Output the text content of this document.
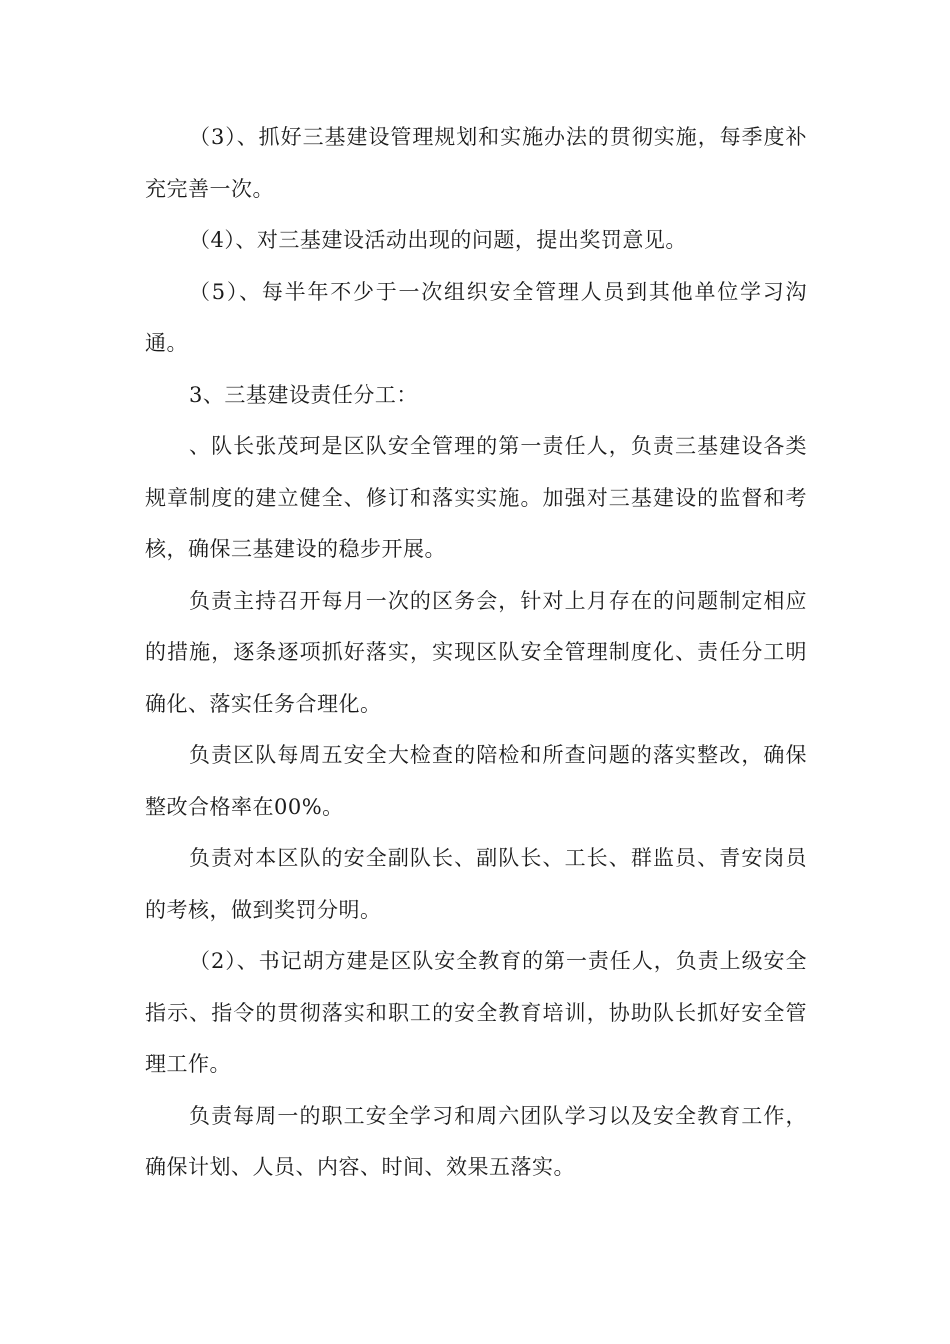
（3）、抓好三基建设管理规划和实施办法的贯彻实施，每季度补充完善一次。

（4）、对三基建设活动出现的问题，提出奖罚意见。

（5）、每半年不少于一次组织安全管理人员到其他单位学习沟通。

3、三基建设责任分工：

、队长张茂珂是区队安全管理的第一责任人，负责三基建设各类规章制度的建立健全、修订和落实实施。加强对三基建设的监督和考核，确保三基建设的稳步开展。

负责主持召开每月一次的区务会，针对上月存在的问题制定相应的措施，逐条逐项抓好落实，实现区队安全管理制度化、责任分工明确化、落实任务合理化。

负责区队每周五安全大检查的陪检和所查问题的落实整改，确保整改合格率在00%。

负责对本区队的安全副队长、副队长、工长、群监员、青安岗员的考核，做到奖罚分明。

（2）、书记胡方建是区队安全教育的第一责任人，负责上级安全指示、指令的贯彻落实和职工的安全教育培训，协助队长抓好安全管理工作。

负责每周一的职工安全学习和周六团队学习以及安全教育工作，确保计划、人员、内容、时间、效果五落实。
